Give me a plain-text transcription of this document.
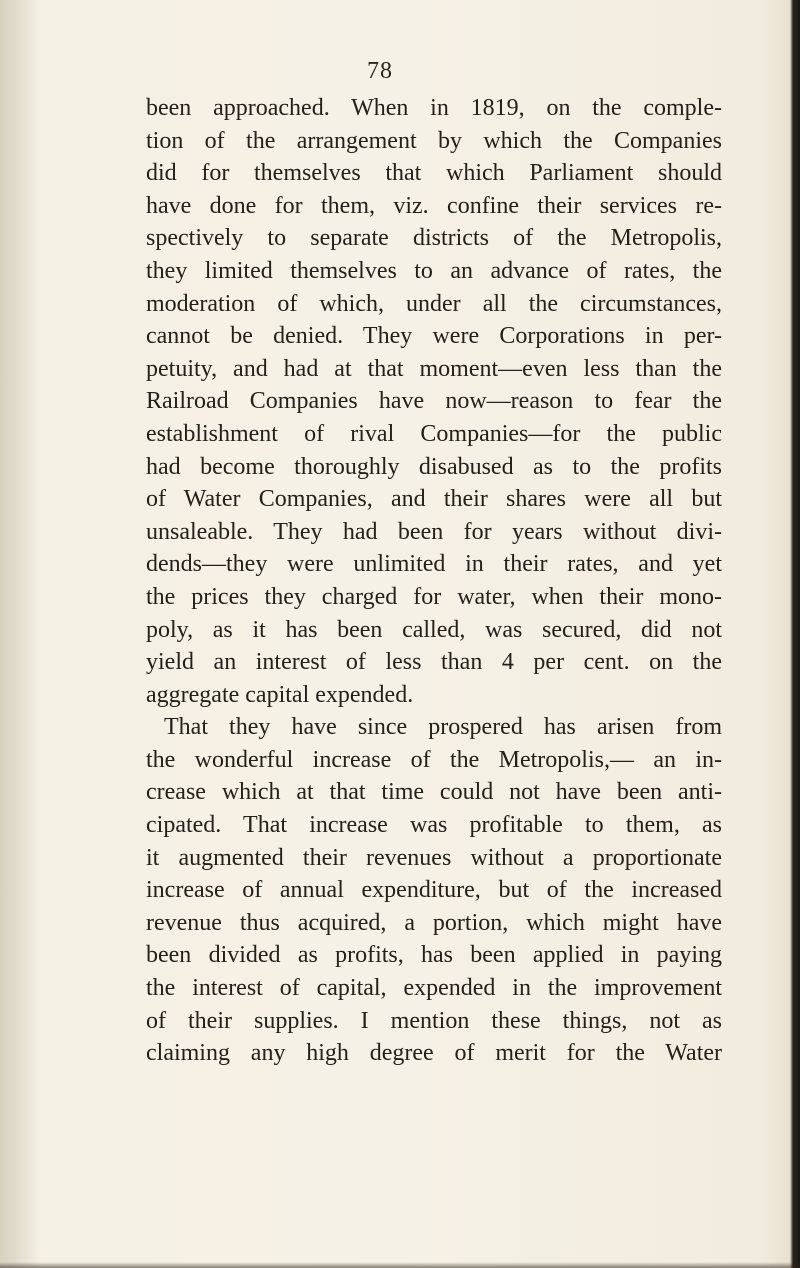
78
been approached. When in 1819, on the comple-
tion of the arrangement by which the Companies
did for themselves that which Parliament should
have done for them, viz. confine their services re-
spectively to separate districts of the Metropolis,
they limited themselves to an advance of rates, the
moderation of which, under all the circumstances,
cannot be denied. They were Corporations in per-
petuity, and had at that moment—even less than the
Railroad Companies have now—reason to fear the
establishment of rival Companies—for the public
had become thoroughly disabused as to the profits
of Water Companies, and their shares were all but
unsaleable. They had been for years without divi-
dends—they were unlimited in their rates, and yet
the prices they charged for water, when their mono-
poly, as it has been called, was secured, did not
yield an interest of less than 4 per cent. on the
aggregate capital expended.
That they have since prospered has arisen from
the wonderful increase of the Metropolis,— an in-
crease which at that time could not have been anti-
cipated. That increase was profitable to them, as
it augmented their revenues without a proportionate
increase of annual expenditure, but of the increased
revenue thus acquired, a portion, which might have
been divided as profits, has been applied in paying
the interest of capital, expended in the improvement
of their supplies. I mention these things, not as
claiming any high degree of merit for the Water
